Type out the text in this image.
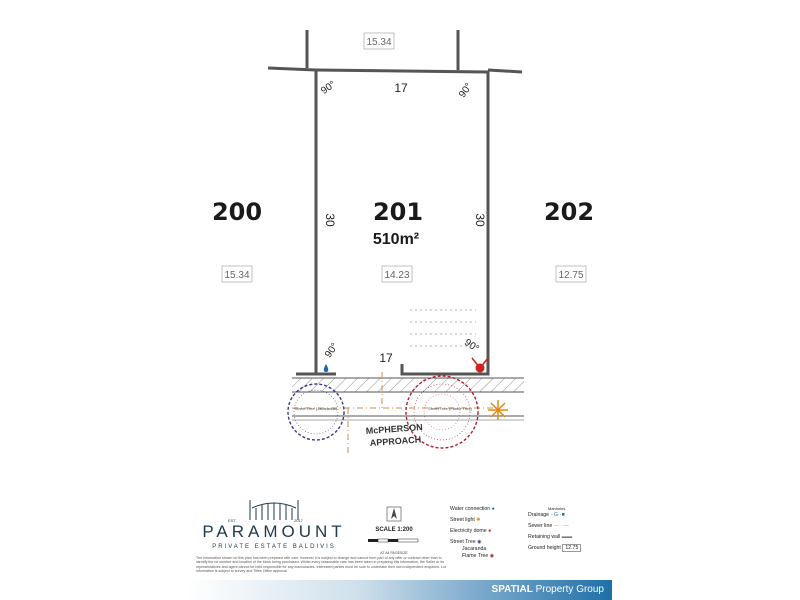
15.34
15.34	14.23	12.75
200	201	202
510m²
17
17
30	30
90°	90°
90°	90°
Street Tree (Jacaranda)	Street Tree (Flame Tree)
McPHERSON
APPROACH
EST.	2017
PARAMOUNT
PRIVATE ESTATE BALDIVIS
The information shown on this plan has been prepared with care, however it is subject to change and cannot form part of any offer or contract other than to identify the lot number and location of the block being purchased. Whilst every reasonable care has been taken in preparing this information, the Seller or its representatives and agent cannot be held responsible for any inaccuracies. Interested parties must be sure to undertake their own independent enquiries. Lot information is subject to survey and Titles Office approval.
SCALE 1:200
AT A4 PAGESIZE
Water connection ●
Street light ✺
Electricity dome ●
Street Tree ◉
Jacaranda
Flame Tree ◉
Manholes
Drainage ··G··■
Sewer line — · —
Retaining wall ▬▬
Ground height 12.75
SPATIAL Property Group
